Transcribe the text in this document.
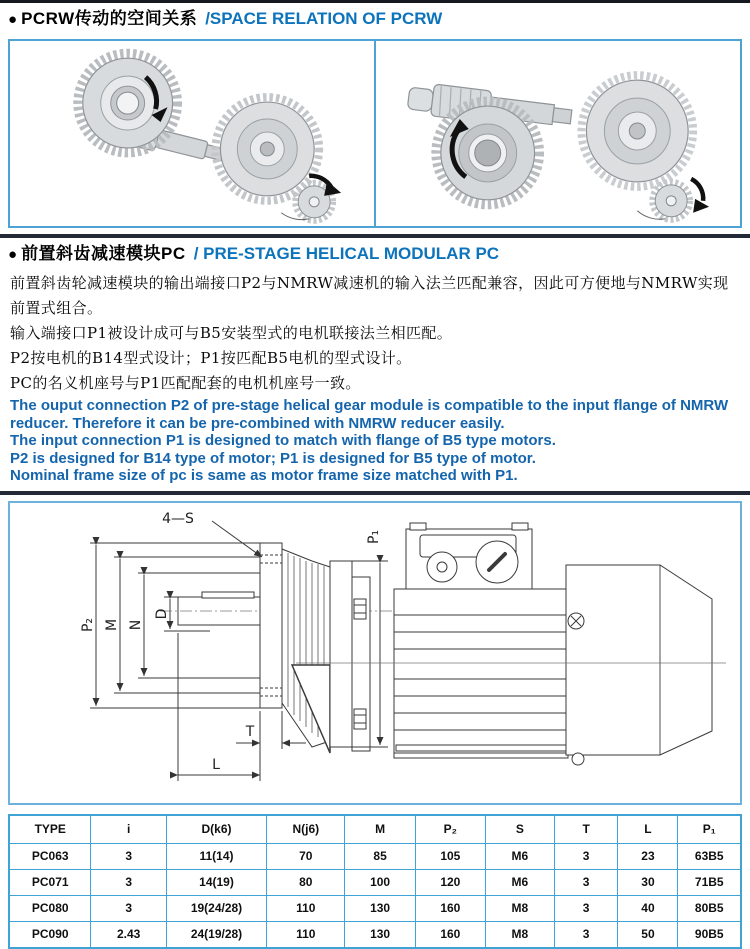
● PCRW传动的空间关系 /SPACE RELATION OF PCRW
● 前置斜齿减速模块PC / PRE-STAGE HELICAL MODULAR PC

前置斜齿轮减速模块的输出端接口P2与NMRW减速机的输入法兰匹配兼容，因此可方便地与NMRW实现前置式组合。

输入端接口P1被设计成可与B5安装型式的电机联接法兰相匹配。

P2按电机的B14型式设计；P1按匹配B5电机的型式设计。

PC的名义机座号与P1匹配配套的电机机座号一致。

The ouput connection P2 of pre-stage helical gear module is compatible to the input flange of NMRW reducer. Therefore it can be pre-combined with NMRW reducer easily.

The input connection P1 is designed to match with flange of B5 type motors.

P2 is designed for B14 type of motor; P1 is designed for B5 type of motor.

Nominal frame size of pc is same as motor frame size matched with P1.

4—S
P₂ M N
D
P₁
T
L
TYPE	i	D(k6)	N(j6)	M	P₂	S	T	L	P₁
PC063	3	11(14)	70	85	105	M6	3	23	63B5
PC071	3	14(19)	80	100	120	M6	3	30	71B5
PC080	3	19(24/28)	110	130	160	M8	3	40	80B5
PC090	2.43	24(19/28)	110	130	160	M8	3	50	90B5
